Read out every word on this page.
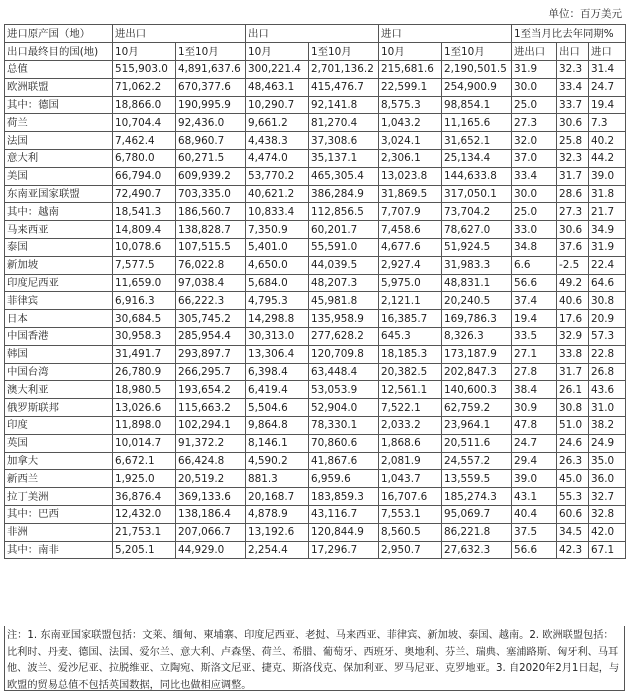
单位：百万美元
进口原产国（地）	进出口		出口		进口		1至当月比去年同期%		
出口最终目的国(地)	10月	1至10月	10月	1至10月	10月	1至10月	进出口	出口	进口
总值	515,903.0	4,891,637.6	300,221.4	2,701,136.2	215,681.6	2,190,501.5	31.9	32.3	31.4
欧洲联盟	71,062.2	670,377.6	48,463.1	415,476.7	22,599.1	254,900.9	30.0	33.4	24.7
其中：德国	18,866.0	190,995.9	10,290.7	92,141.8	8,575.3	98,854.1	25.0	33.7	19.4
荷兰	10,704.4	92,436.0	9,661.2	81,270.4	1,043.2	11,165.6	27.3	30.6	7.3
法国	7,462.4	68,960.7	4,438.3	37,308.6	3,024.1	31,652.1	32.0	25.8	40.2
意大利	6,780.0	60,271.5	4,474.0	35,137.1	2,306.1	25,134.4	37.0	32.3	44.2
美国	66,794.0	609,939.2	53,770.2	465,305.4	13,023.8	144,633.8	33.4	31.7	39.0
东南亚国家联盟	72,490.7	703,335.0	40,621.2	386,284.9	31,869.5	317,050.1	30.0	28.6	31.8
其中：越南	18,541.3	186,560.7	10,833.4	112,856.5	7,707.9	73,704.2	25.0	27.3	21.7
马来西亚	14,809.4	138,828.7	7,350.9	60,201.7	7,458.6	78,627.0	33.0	30.6	34.9
泰国	10,078.6	107,515.5	5,401.0	55,591.0	4,677.6	51,924.5	34.8	37.6	31.9
新加坡	7,577.5	76,022.8	4,650.0	44,039.5	2,927.4	31,983.3	6.6	-2.5	22.4
印度尼西亚	11,659.0	97,038.4	5,684.0	48,207.3	5,975.0	48,831.1	56.6	49.2	64.6
菲律宾	6,916.3	66,222.3	4,795.3	45,981.8	2,121.1	20,240.5	37.4	40.6	30.8
日本	30,684.5	305,745.2	14,298.8	135,958.9	16,385.7	169,786.3	19.4	17.6	20.9
中国香港	30,958.3	285,954.4	30,313.0	277,628.2	645.3	8,326.3	33.5	32.9	57.3
韩国	31,491.7	293,897.7	13,306.4	120,709.8	18,185.3	173,187.9	27.1	33.8	22.8
中国台湾	26,780.9	266,295.7	6,398.4	63,448.4	20,382.5	202,847.3	27.8	31.7	26.8
澳大利亚	18,980.5	193,654.2	6,419.4	53,053.9	12,561.1	140,600.3	38.4	26.1	43.6
俄罗斯联邦	13,026.6	115,663.2	5,504.6	52,904.0	7,522.1	62,759.2	30.9	30.8	31.0
印度	11,898.0	102,294.1	9,864.8	78,330.1	2,033.2	23,964.1	47.8	51.0	38.2
英国	10,014.7	91,372.2	8,146.1	70,860.6	1,868.6	20,511.6	24.7	24.6	24.9
加拿大	6,672.1	66,424.8	4,590.2	41,867.6	2,081.9	24,557.2	29.4	26.3	35.0
新西兰	1,925.0	20,519.2	881.3	6,959.6	1,043.7	13,559.5	39.0	45.0	36.0
拉丁美洲	36,876.4	369,133.6	20,168.7	183,859.3	16,707.6	185,274.3	43.1	55.3	32.7
其中：巴西	12,432.0	138,186.4	4,878.9	43,116.7	7,553.1	95,069.7	40.4	60.6	32.8
非洲	21,753.1	207,066.7	13,192.6	120,844.9	8,560.5	86,221.8	37.5	34.5	42.0
其中：南非	5,205.1	44,929.0	2,254.4	17,296.7	2,950.7	27,632.3	56.6	42.3	67.1
注：1. 东南亚国家联盟包括：文莱、缅甸、柬埔寨、印度尼西亚、老挝、马来西亚、菲律宾、新加坡、泰国、越南。2. 欧洲联盟包括：比利时、丹麦、德国、法国、爱尔兰、意大利、卢森堡、荷兰、希腊、葡萄牙、西班牙、奥地利、芬兰、瑞典、塞浦路斯、匈牙利、马耳他、波兰、爱沙尼亚、拉脱维亚、立陶宛、斯洛文尼亚、捷克、斯洛伐克、保加利亚、罗马尼亚、克罗地亚。3. 自2020年2月1日起，与欧盟的贸易总值不包括英国数据，同比也做相应调整。
